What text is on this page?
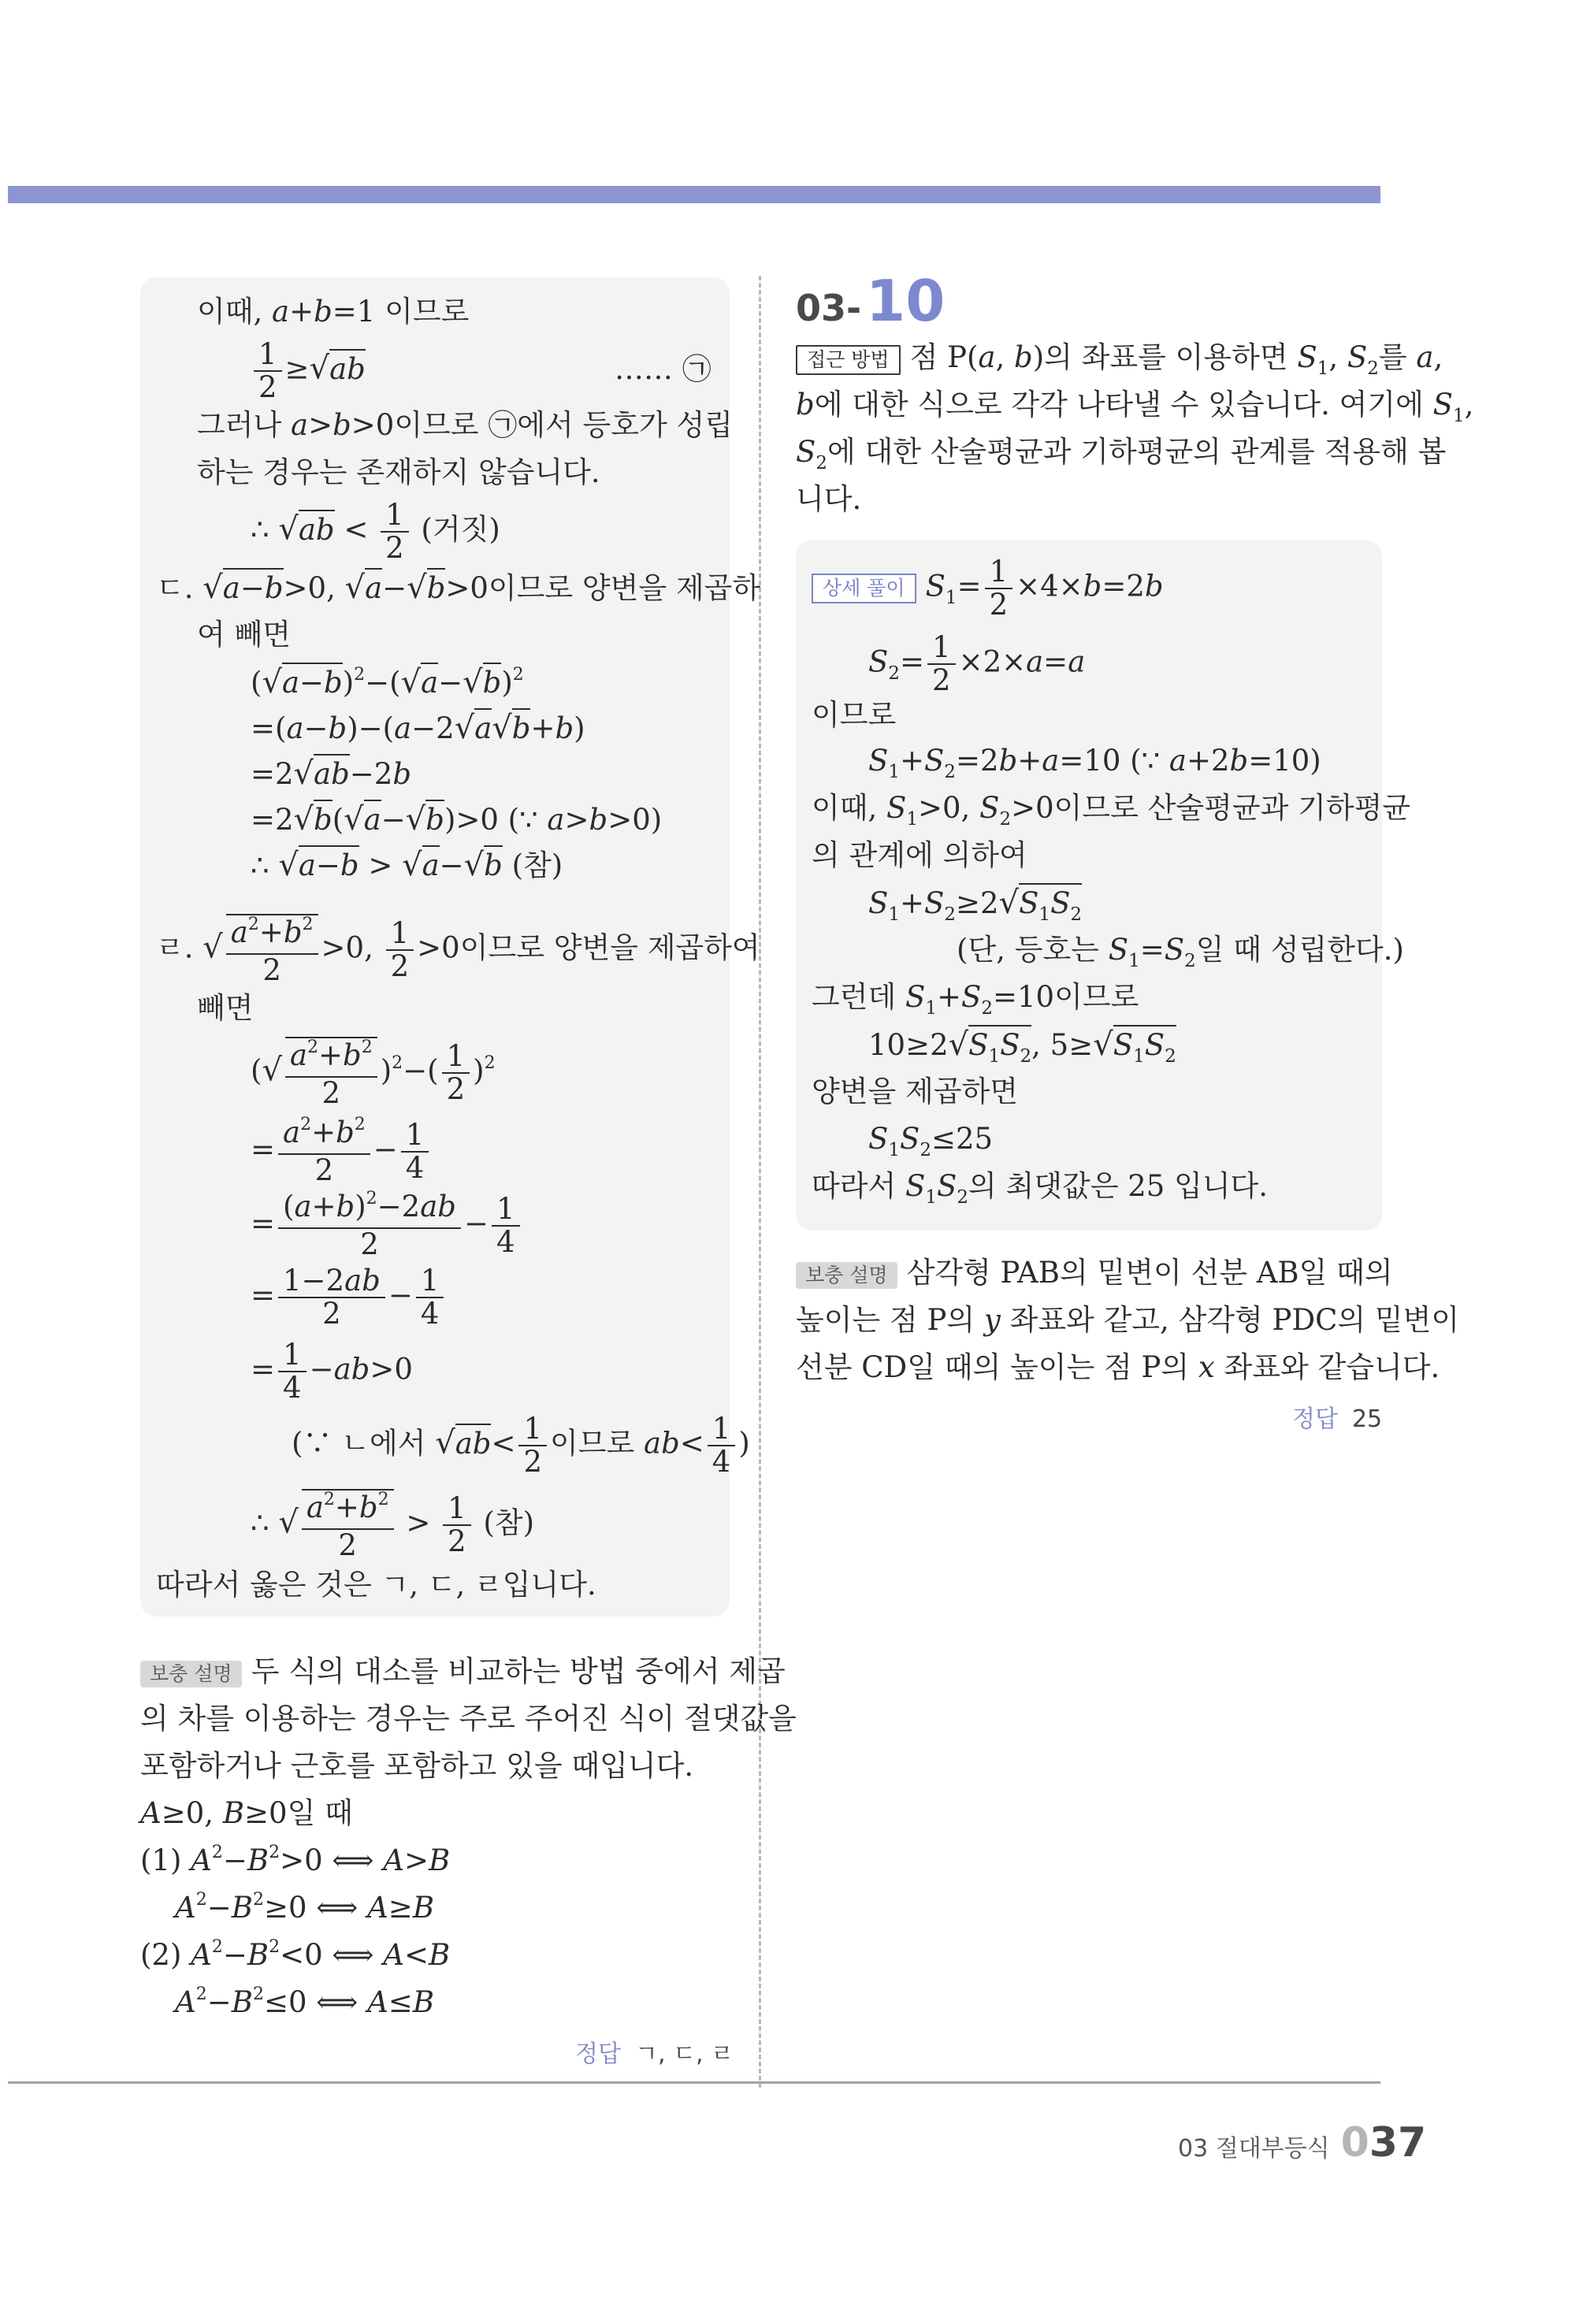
이때, a+b=1 이므로
$\frac{1}{2} \ge√ab$	…… ㉠
그러나 a>b>0이므로 ㉠에서 등호가 성립
하는 경우는 존재하지 않습니다.
∴ $√ab < \frac{1}{2}$ (거짓)
ㄷ. √a−b>0, √a−√b>0이므로 양변을 제곱하
여 빼면
$(√a-b)^2-(√a-√b)^2$
=(a−b)−(a−2√a√b+b)
=2√ab−2b
=2√b(√a−√b)>0 (∵ a>b>0)
∴ √a−b > √a−√b (참)
ㄹ. √ $\frac{a^2+b^2}{2} >0$, $\frac{1}{2} >0$이므로 양변을 제곱하여
빼면
(√ $\frac{a^2+b^2}{2} )^2-( \frac{1}{2} )^2$
= $\frac{a^2+b^2}{2} - \frac{1}{4}$
= $\frac{(a+b)^2-2ab}{2} - \frac{1}{4}$
= $\frac{1-2ab}{2} - \frac{1}{4}$
= $\frac{1}{4} -ab>0$
(∵ ㄴ에서 $√ab< \frac{1}{2}$ 이므로 $ab< \frac{1}{4}$ )
∴ √ $\frac{a^2+b^2}{2} > \frac{1}{2}$ (참)
따라서 옳은 것은 ㄱ, ㄷ, ㄹ입니다.
보충 설명 두 식의 대소를 비교하는 방법 중에서 제곱
의 차를 이용하는 경우는 주로 주어진 식이 절댓값을
포함하거나 근호를 포함하고 있을 때입니다.
A≥0, B≥0일 때
(1) $A^2-B^2>0$ ⟺ A>B
$A^2-B^2\ge 0$ ⟺ A≥B
(2) $A^2-B^2<0$ ⟺ A<B
$A^2-B^2\le 0$ ⟺ A≤B
정답 ㄱ, ㄷ, ㄹ
03-10
접근 방법 점 P(a, b)의 좌표를 이용하면 $S_1$, $S_2$를 a,
b에 대한 식으로 각각 나타낼 수 있습니다. 여기에 $S_1$,
$S_2$에 대한 산술평균과 기하평균의 관계를 적용해 봅
니다.
상세 풀이 $S_1= \frac{1}{2} \times 4\times b=2b$
$S_2= \frac{1}{2} \times 2\times a=a$
이므로
$S_1+S_2=2b+a=10$ (∵ a+2b=10)
이때, $S_1>0$, $S_2>0$이므로 산술평균과 기하평균
의 관계에 의하여
$S_1+S_2\ge 2√S_1S_2$
(단, 등호는 $S_1=S_2$일 때 성립한다.)
그런데 $S_1+S_2=10$이므로
$10\ge 2√S_1S_2$, $5\ge√S_1S_2$
양변을 제곱하면
$S_1S_2\le 25$
따라서 $S_1S_2$의 최댓값은 25 입니다.
보충 설명 삼각형 PAB의 밑변이 선분 AB일 때의
높이는 점 P의 y 좌표와 같고, 삼각형 PDC의 밑변이
선분 CD일 때의 높이는 점 P의 x 좌표와 같습니다.
정답 25
03 절대부등식 037
